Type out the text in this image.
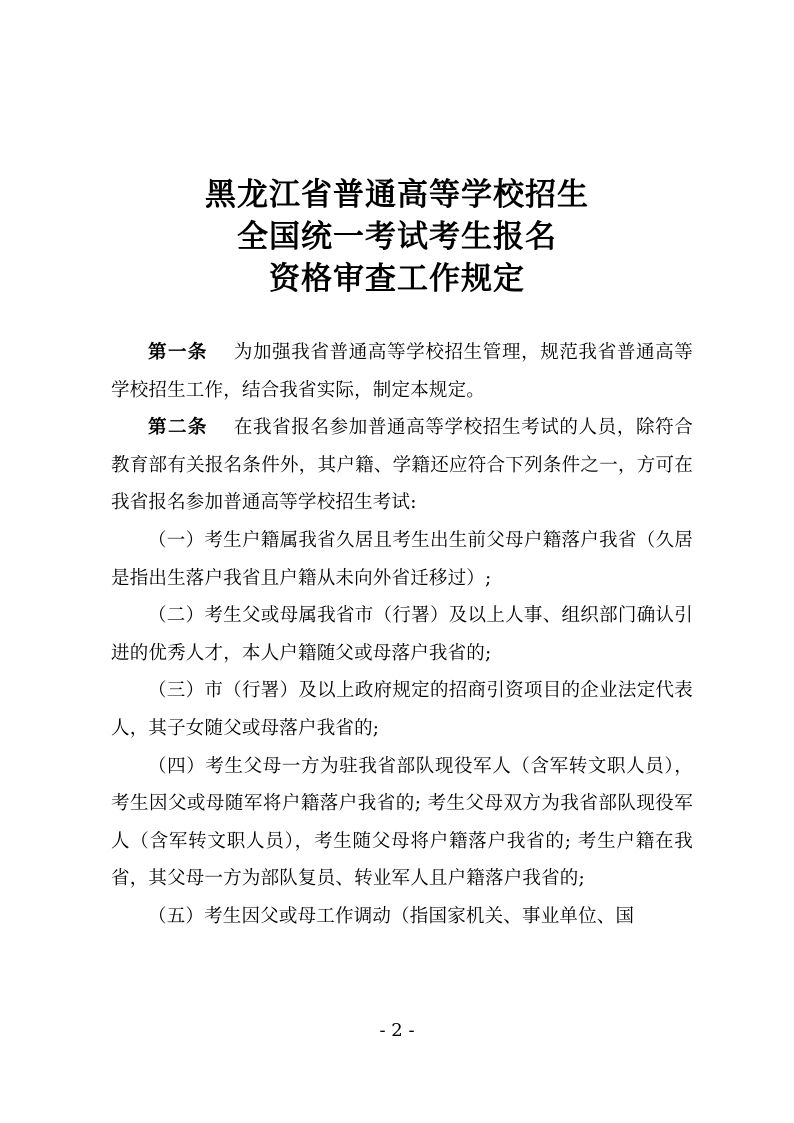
黑龙江省普通高等学校招生
全国统一考试考生报名
资格审查工作规定

第一条 为加强我省普通高等学校招生管理，规范我省普通高等学校招生工作，结合我省实际，制定本规定。

第二条 在我省报名参加普通高等学校招生考试的人员，除符合教育部有关报名条件外，其户籍、学籍还应符合下列条件之一，方可在我省报名参加普通高等学校招生考试:

（一）考生户籍属我省久居且考生出生前父母户籍落户我省（久居是指出生落户我省且户籍从未向外省迁移过）;

（二）考生父或母属我省市（行署）及以上人事、组织部门确认引进的优秀人才，本人户籍随父或母落户我省的;

（三）市（行署）及以上政府规定的招商引资项目的企业法定代表人，其子女随父或母落户我省的;

（四）考生父母一方为驻我省部队现役军人（含军转文职人员），考生因父或母随军将户籍落户我省的; 考生父母双方为我省部队现役军人（含军转文职人员），考生随父母将户籍落户我省的; 考生户籍在我省，其父母一方为部队复员、转业军人且户籍落户我省的;

（五）考生因父或母工作调动（指国家机关、事业单位、国

- 2 -
